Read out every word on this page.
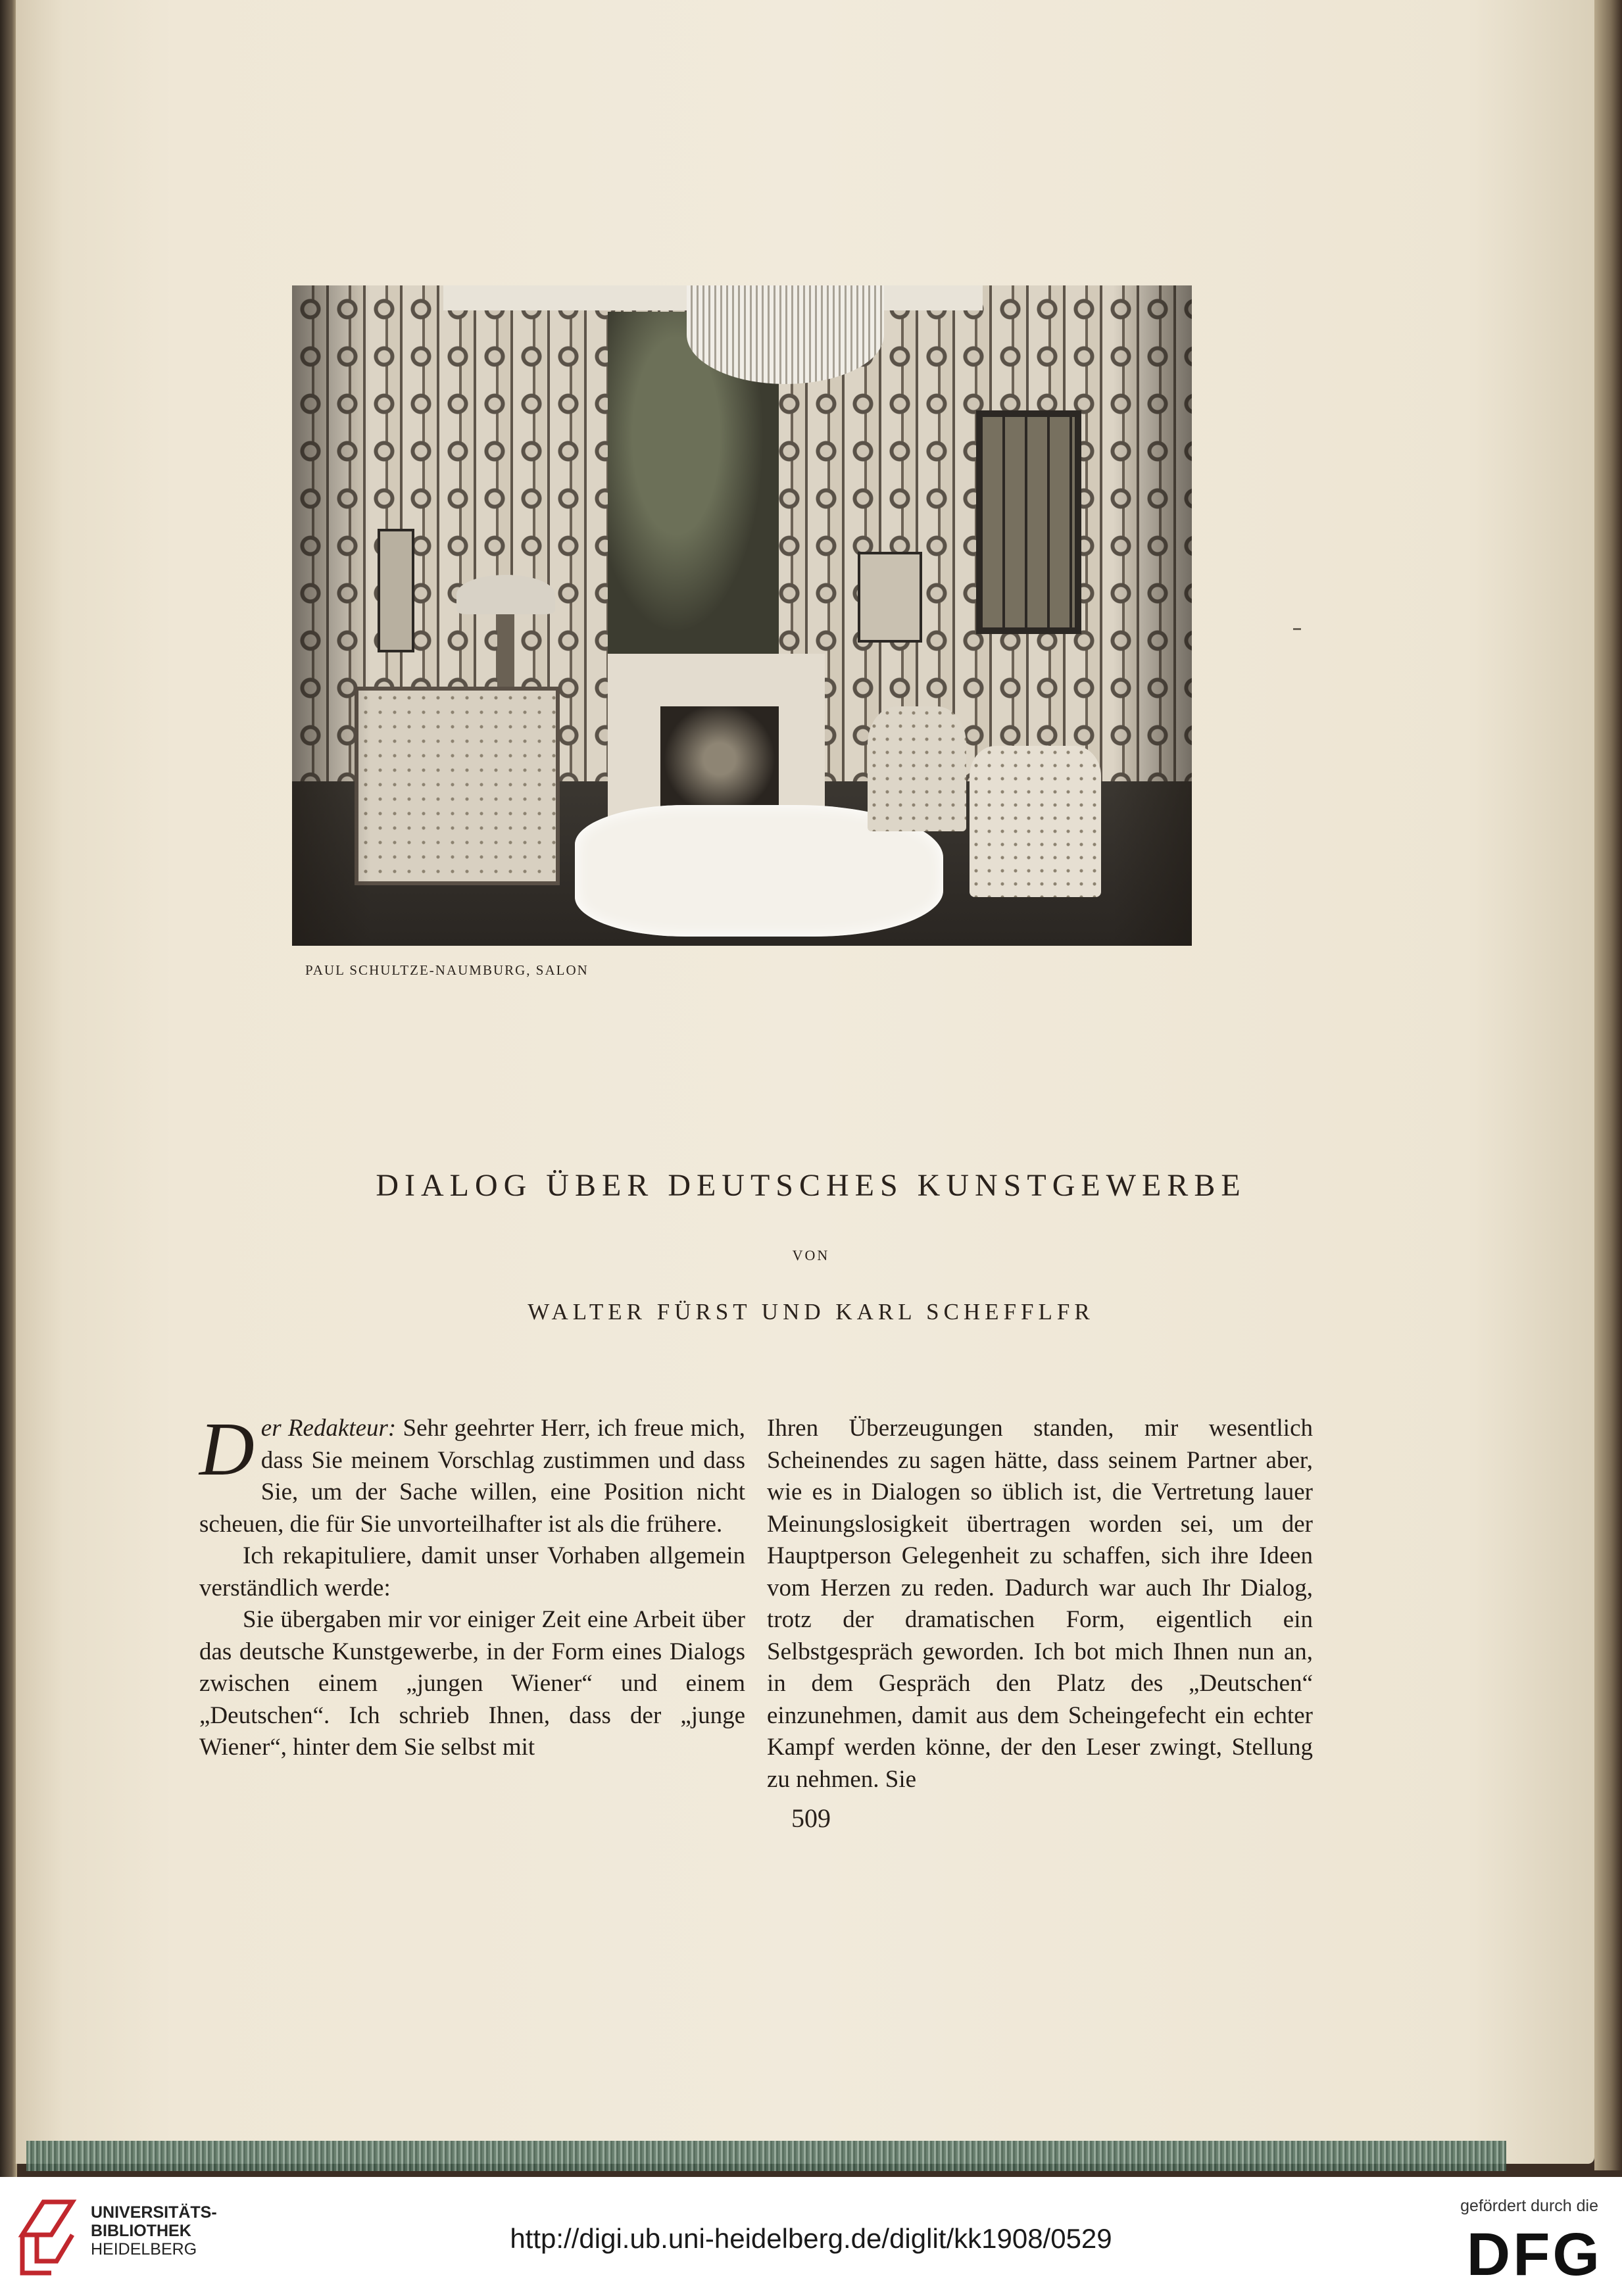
PAUL SCHULTZE-NAUMBURG, SALON
DIALOG ÜBER DEUTSCHES KUNSTGEWERBE
VON
WALTER FÜRST UND KARL SCHEFFLFR

Der Redakteur: Sehr geehrter Herr, ich freue mich, dass Sie meinem Vorschlag zustimmen und dass Sie, um der Sache willen, eine Position nicht scheuen, die für Sie unvorteilhafter ist als die frühere.

Ich rekapituliere, damit unser Vorhaben allgemein verständlich werde:

Sie übergaben mir vor einiger Zeit eine Arbeit über das deutsche Kunstgewerbe, in der Form eines Dialogs zwischen einem „jungen Wiener“ und einem „Deutschen“. Ich schrieb Ihnen, dass der „junge Wiener“, hinter dem Sie selbst mit

Ihren Überzeugungen standen, mir wesentlich Scheinendes zu sagen hätte, dass seinem Partner aber, wie es in Dialogen so üblich ist, die Vertretung lauer Meinungslosigkeit übertragen worden sei, um der Hauptperson Gelegenheit zu schaffen, sich ihre Ideen vom Herzen zu reden. Dadurch war auch Ihr Dialog, trotz der dramatischen Form, eigentlich ein Selbstgespräch geworden. Ich bot mich Ihnen nun an, in dem Gespräch den Platz des „Deutschen“ einzunehmen, damit aus dem Scheingefecht ein echter Kampf werden könne, der den Leser zwingt, Stellung zu nehmen. Sie

509
UNIVERSITÄTS-
BIBLIOTHEK
HEIDELBERG	http://digi.ub.uni-heidelberg.de/diglit/kk1908/0529
gefördert durch die
DFG
